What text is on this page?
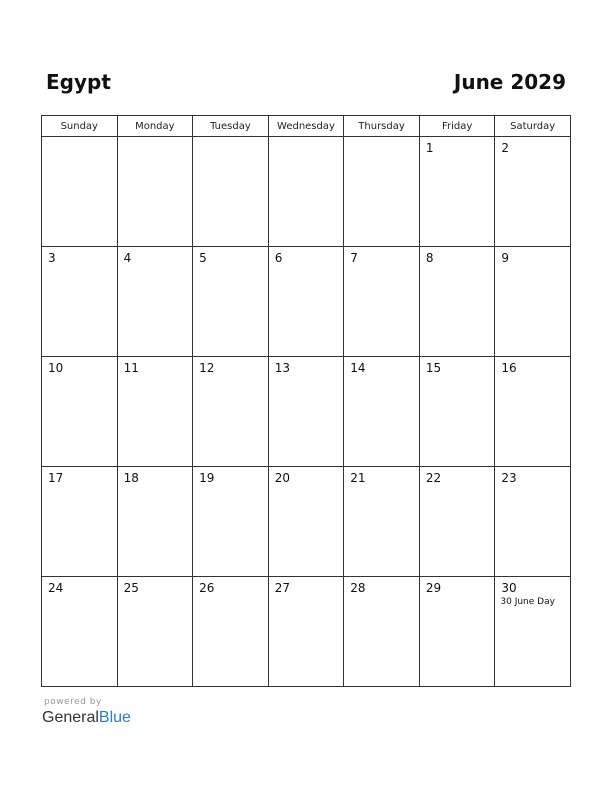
Egypt	June 2029
Sunday	Monday	Tuesday	Wednesday	Thursday	Friday	Saturday

					1	2

3	4	5	6	7	8	9

10	11	12	13	14	15	16

17	18	19	20	21	22	23

24	25	26	27	28	29	30
30 June Day
powered by
GeneralBlue
